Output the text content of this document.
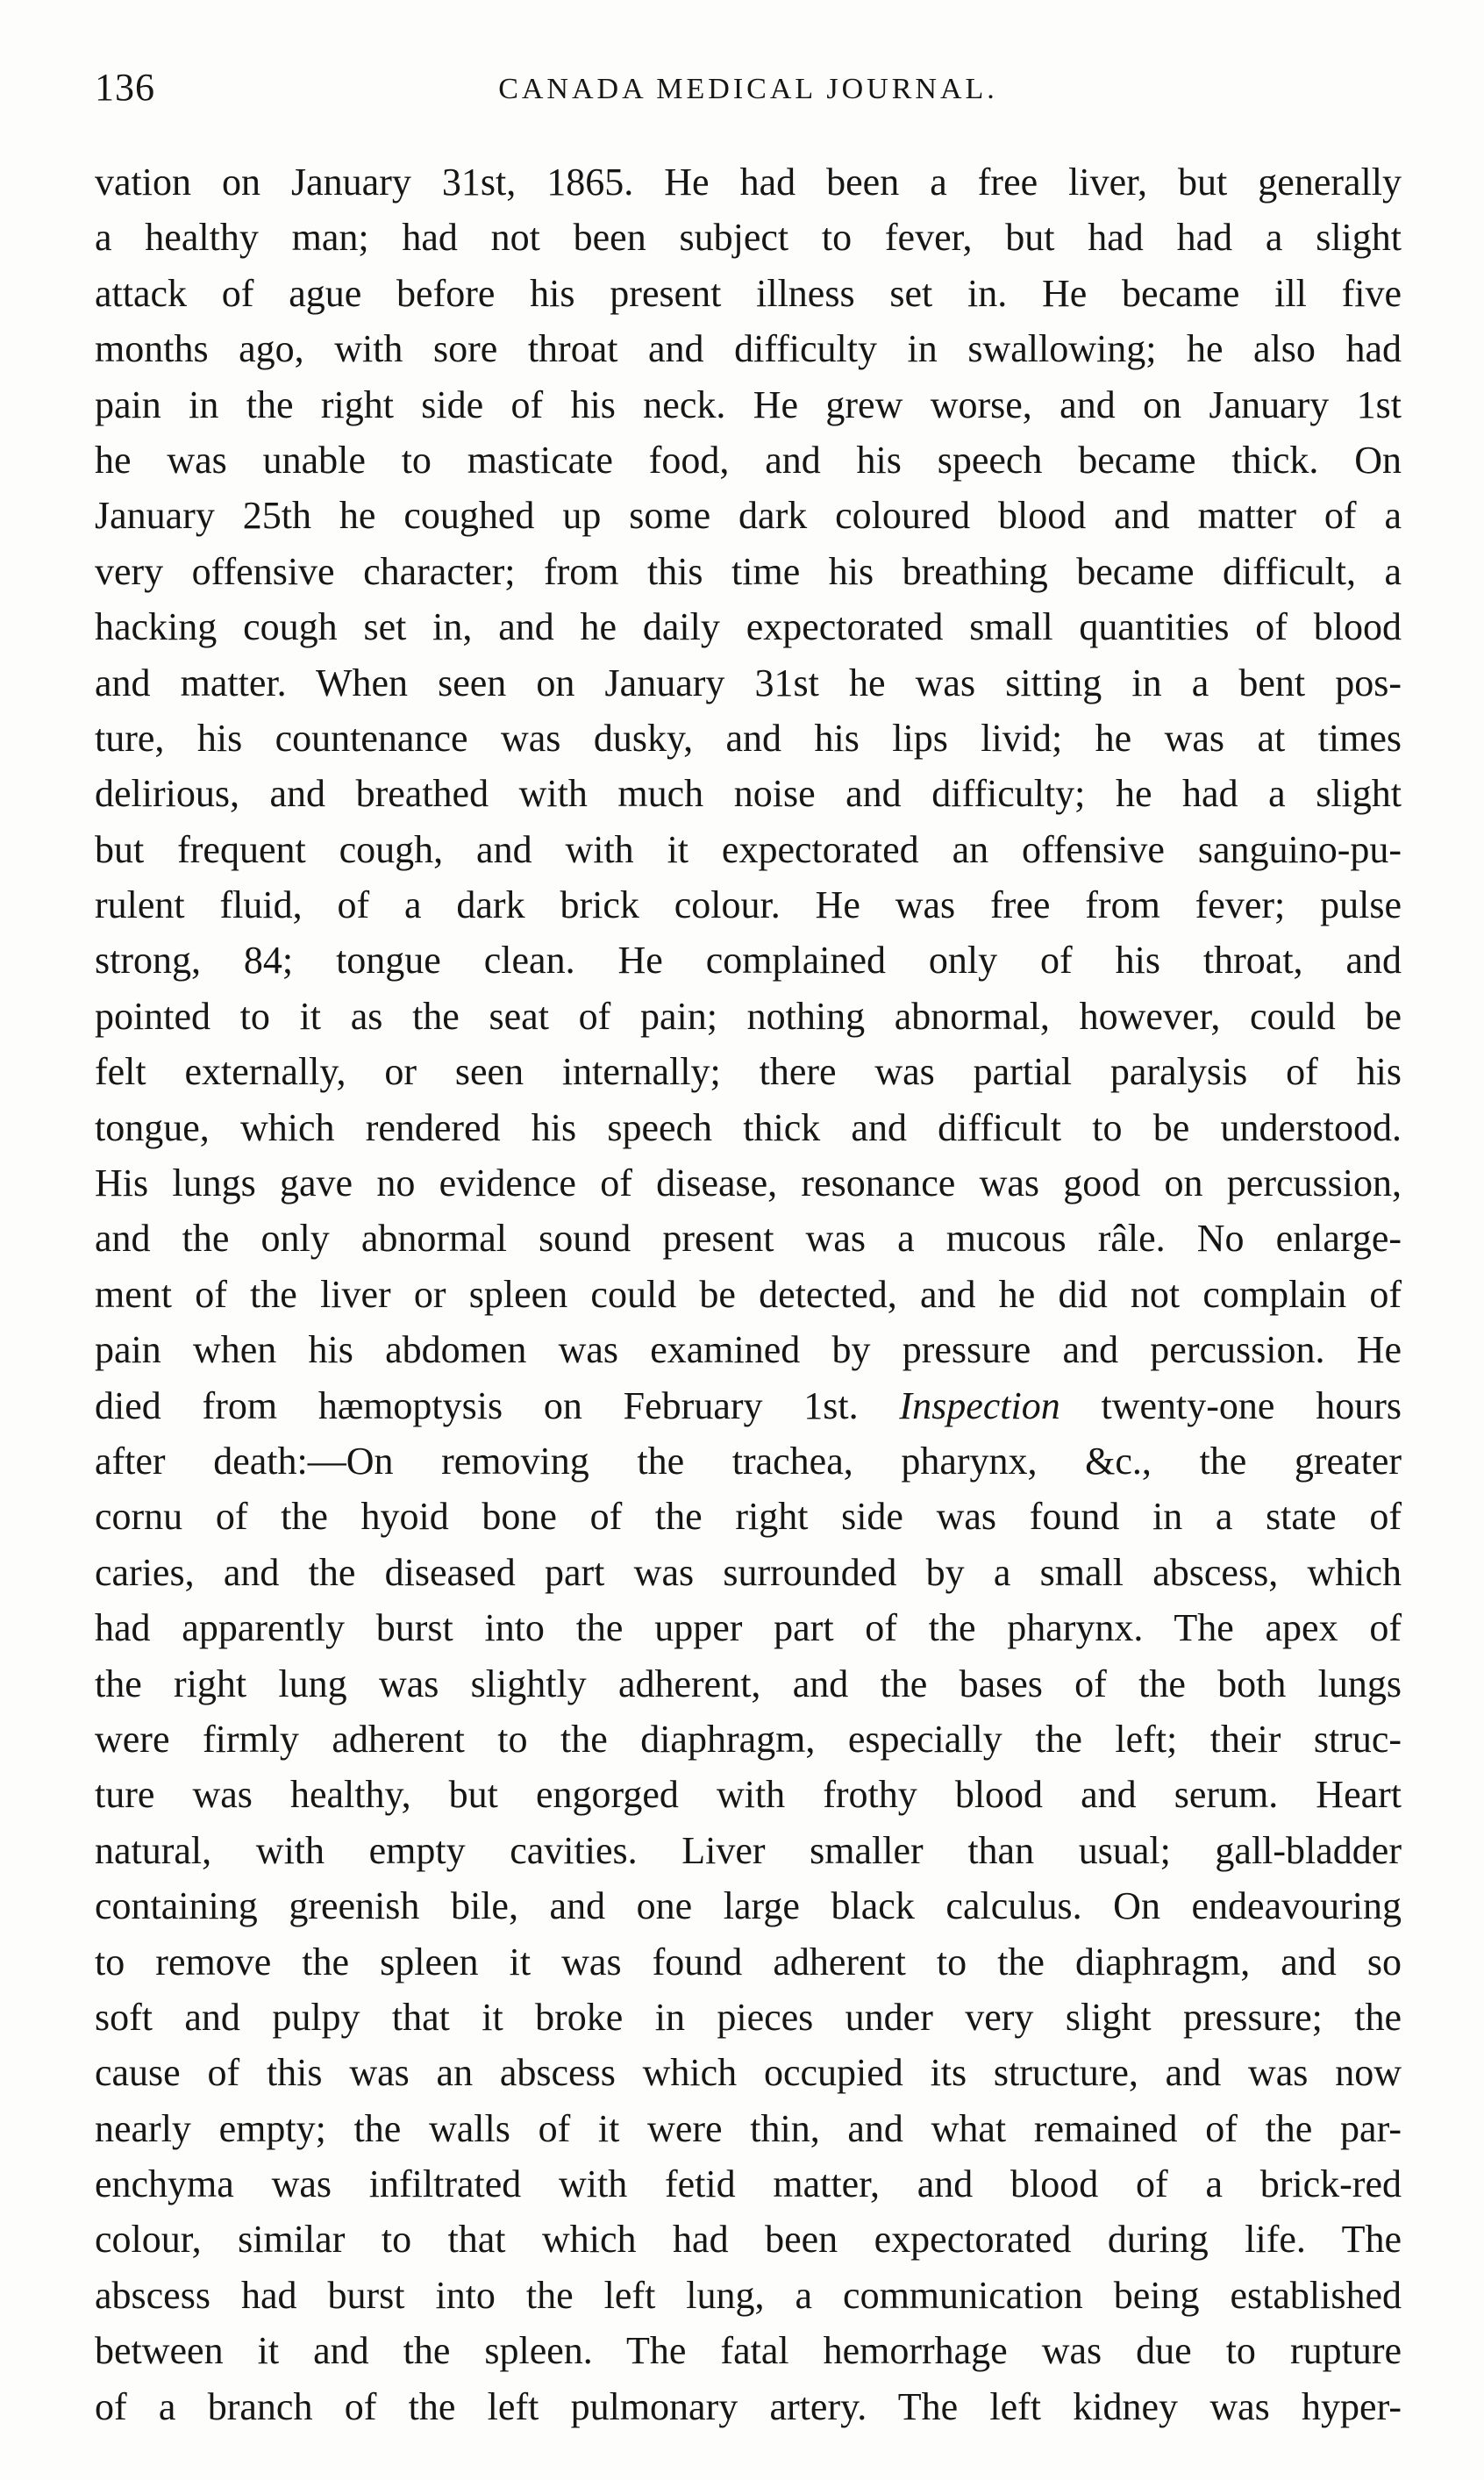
136	CANADA MEDICAL JOURNAL.
vation on January 31st, 1865. He had been a free liver, but generally
a healthy man; had not been subject to fever, but had had a slight
attack of ague before his present illness set in. He became ill five
months ago, with sore throat and difficulty in swallowing; he also had
pain in the right side of his neck. He grew worse, and on January 1st
he was unable to masticate food, and his speech became thick. On
January 25th he coughed up some dark coloured blood and matter of a
very offensive character; from this time his breathing became difficult, a
hacking cough set in, and he daily expectorated small quantities of blood
and matter. When seen on January 31st he was sitting in a bent pos-
ture, his countenance was dusky, and his lips livid; he was at times
delirious, and breathed with much noise and difficulty; he had a slight
but frequent cough, and with it expectorated an offensive sanguino-pu-
rulent fluid, of a dark brick colour. He was free from fever; pulse
strong, 84; tongue clean. He complained only of his throat, and
pointed to it as the seat of pain; nothing abnormal, however, could be
felt externally, or seen internally; there was partial paralysis of his
tongue, which rendered his speech thick and difficult to be understood.
His lungs gave no evidence of disease, resonance was good on percussion,
and the only abnormal sound present was a mucous râle. No enlarge-
ment of the liver or spleen could be detected, and he did not complain of
pain when his abdomen was examined by pressure and percussion. He
died from hæmoptysis on February 1st. Inspection twenty-one hours
after death:—On removing the trachea, pharynx, &c., the greater
cornu of the hyoid bone of the right side was found in a state of
caries, and the diseased part was surrounded by a small abscess, which
had apparently burst into the upper part of the pharynx. The apex of
the right lung was slightly adherent, and the bases of the both lungs
were firmly adherent to the diaphragm, especially the left; their struc-
ture was healthy, but engorged with frothy blood and serum. Heart
natural, with empty cavities. Liver smaller than usual; gall-bladder
containing greenish bile, and one large black calculus. On endeavouring
to remove the spleen it was found adherent to the diaphragm, and so
soft and pulpy that it broke in pieces under very slight pressure; the
cause of this was an abscess which occupied its structure, and was now
nearly empty; the walls of it were thin, and what remained of the par-
enchyma was infiltrated with fetid matter, and blood of a brick-red
colour, similar to that which had been expectorated during life. The
abscess had burst into the left lung, a communication being established
between it and the spleen. The fatal hemorrhage was due to rupture
of a branch of the left pulmonary artery. The left kidney was hyper-
